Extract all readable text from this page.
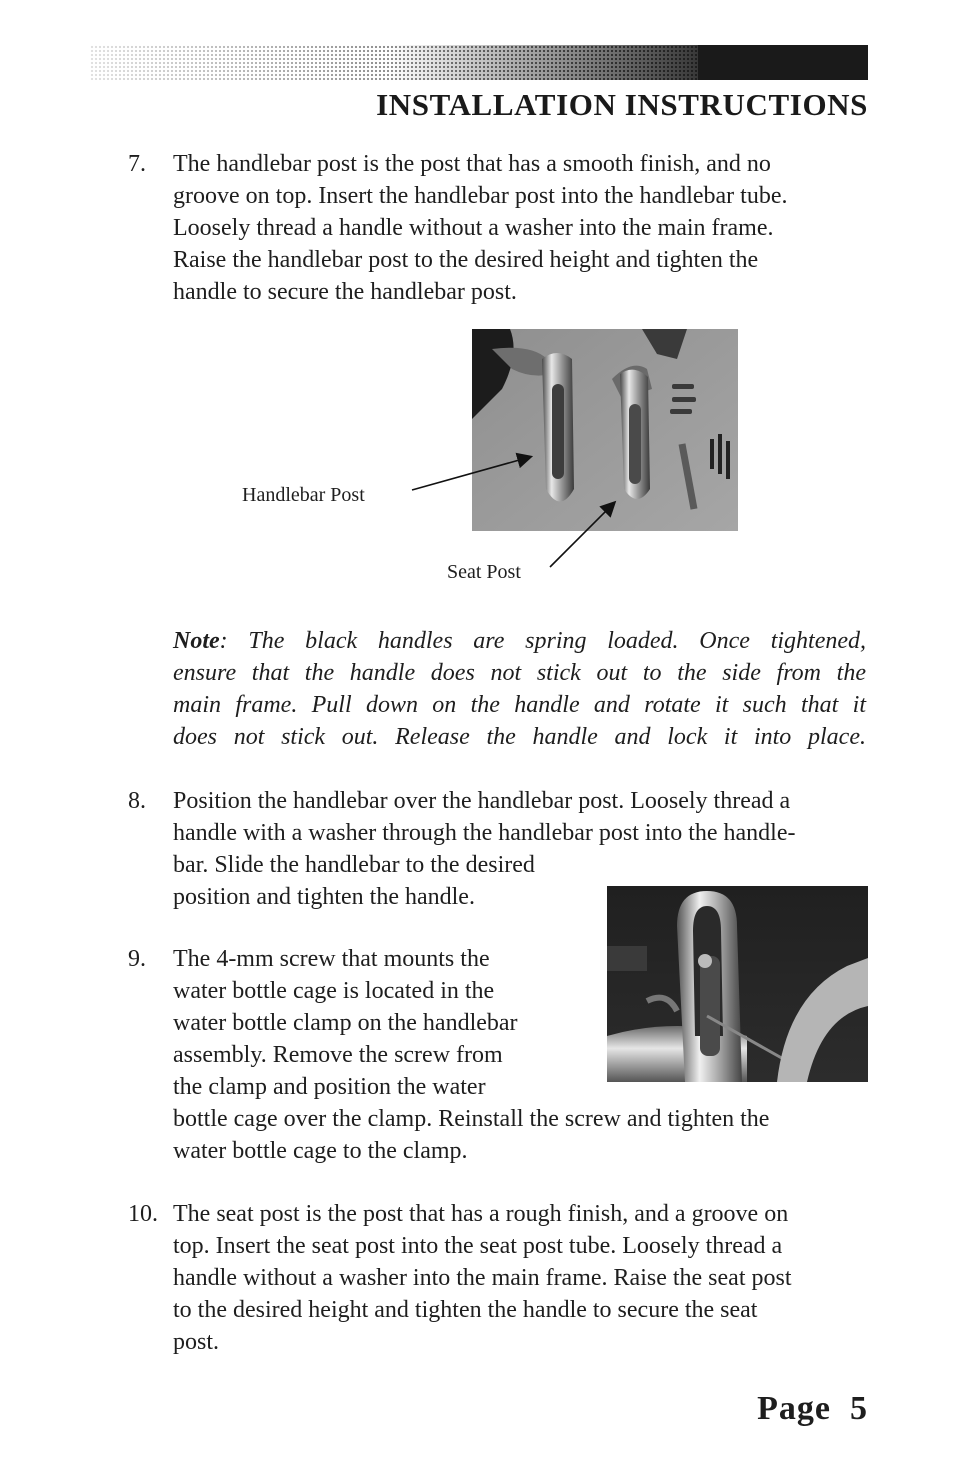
INSTALLATION INSTRUCTIONS
7. The handlebar post is the post that has a smooth finish, and no
groove on top. Insert the handlebar post into the handlebar tube.
Loosely thread a handle without a washer into the main frame.
Raise the handlebar post to the desired height and tighten the
handle to secure the handlebar post.
Handlebar Post
Seat Post
Note: The black handles are spring loaded. Once tightened,
ensure that the handle does not stick out to the side from the
main frame. Pull down on the handle and rotate it such that it
does not stick out. Release the handle and lock it into place.
8. Position the handlebar over the handlebar post. Loosely thread a
handle with a washer through the handlebar post into the handle-
bar. Slide the handlebar to the desired
position and tighten the handle.
9. The 4-mm screw that mounts the
water bottle cage is located in the
water bottle clamp on the handlebar
assembly. Remove the screw from
the clamp and position the water
bottle cage over the clamp. Reinstall the screw and tighten the
water bottle cage to the clamp.
10. The seat post is the post that has a rough finish, and a groove on
top. Insert the seat post into the seat post tube. Loosely thread a
handle without a washer into the main frame. Raise the seat post
to the desired height and tighten the handle to secure the seat
post.
Page  5
